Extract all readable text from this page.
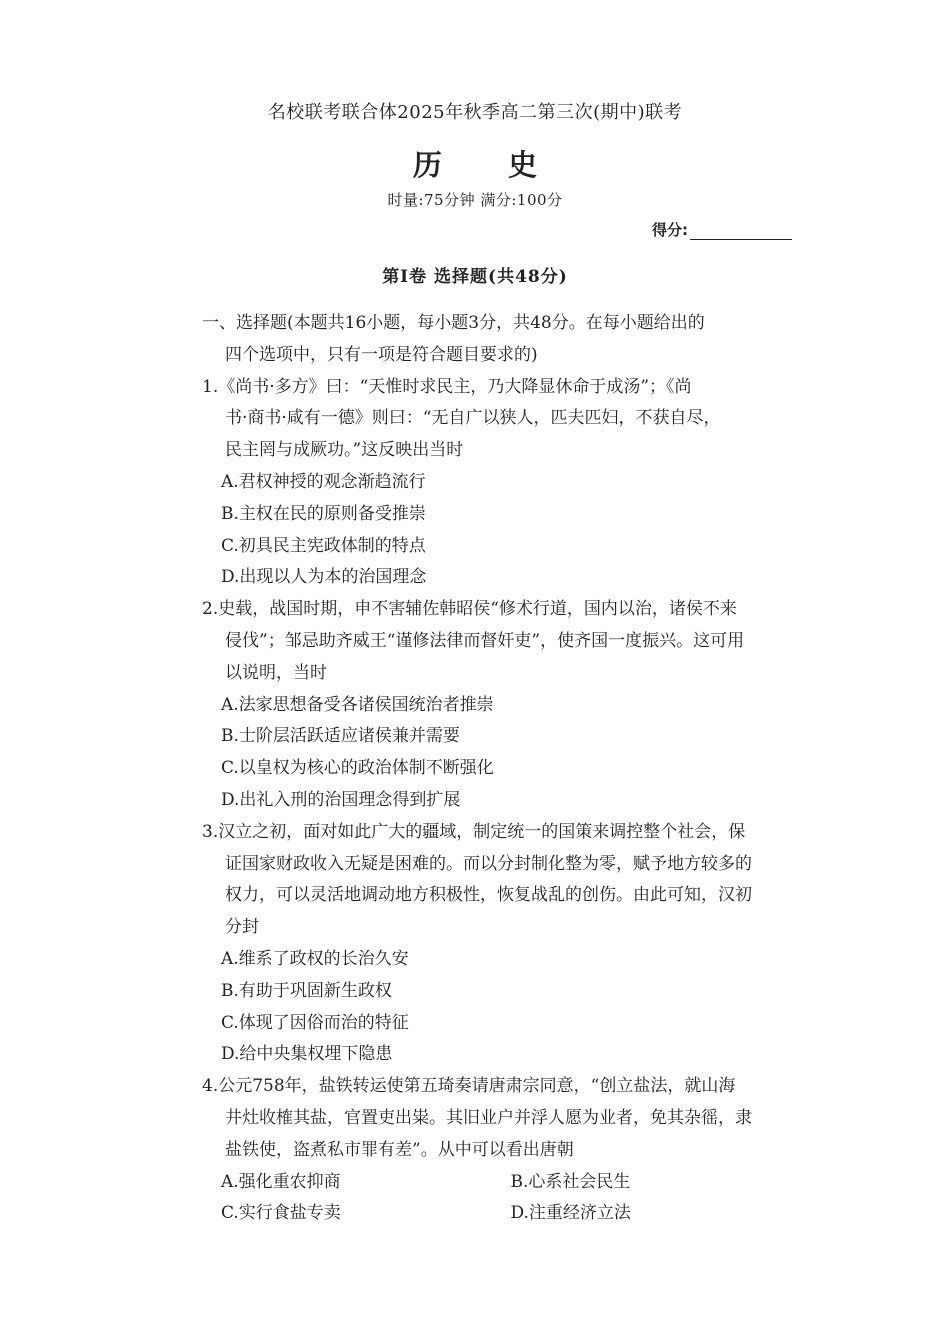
名校联考联合体2025年秋季高二第三次(期中)联考
历 史
时量:75分钟 满分:100分
得分:
第Ⅰ卷 选择题(共48分)

一、选择题(本题共16小题，每小题3分，共48分。在每小题给出的

四个选项中，只有一项是符合题目要求的)

1.《尚书·多方》曰：“天惟时求民主，乃大降显休命于成汤”；《尚

书·商书·咸有一德》则曰：“无自广以狭人，匹夫匹妇，不获自尽，

民主罔与成厥功。”这反映出当时

A.君权神授的观念渐趋流行

B.主权在民的原则备受推崇

C.初具民主宪政体制的特点

D.出现以人为本的治国理念

2.史载，战国时期，申不害辅佐韩昭侯“修术行道，国内以治，诸侯不来

侵伐”；邹忌助齐威王“谨修法律而督奸吏”，使齐国一度振兴。这可用

以说明，当时

A.法家思想备受各诸侯国统治者推崇

B.士阶层活跃适应诸侯兼并需要

C.以皇权为核心的政治体制不断强化

D.出礼入刑的治国理念得到扩展

3.汉立之初，面对如此广大的疆域，制定统一的国策来调控整个社会，保

证国家财政收入无疑是困难的。而以分封制化整为零，赋予地方较多的

权力，可以灵活地调动地方积极性，恢复战乱的创伤。由此可知，汉初

分封

A.维系了政权的长治久安

B.有助于巩固新生政权

C.体现了因俗而治的特征

D.给中央集权埋下隐患

4.公元758年，盐铁转运使第五琦奏请唐肃宗同意，“创立盐法，就山海

井灶收榷其盐，官置吏出粜。其旧业户并浮人愿为业者，免其杂徭，隶

盐铁使，盗煮私市罪有差”。从中可以看出唐朝

A.强化重农抑商	B.心系社会民生
C.实行食盐专卖	D.注重经济立法
